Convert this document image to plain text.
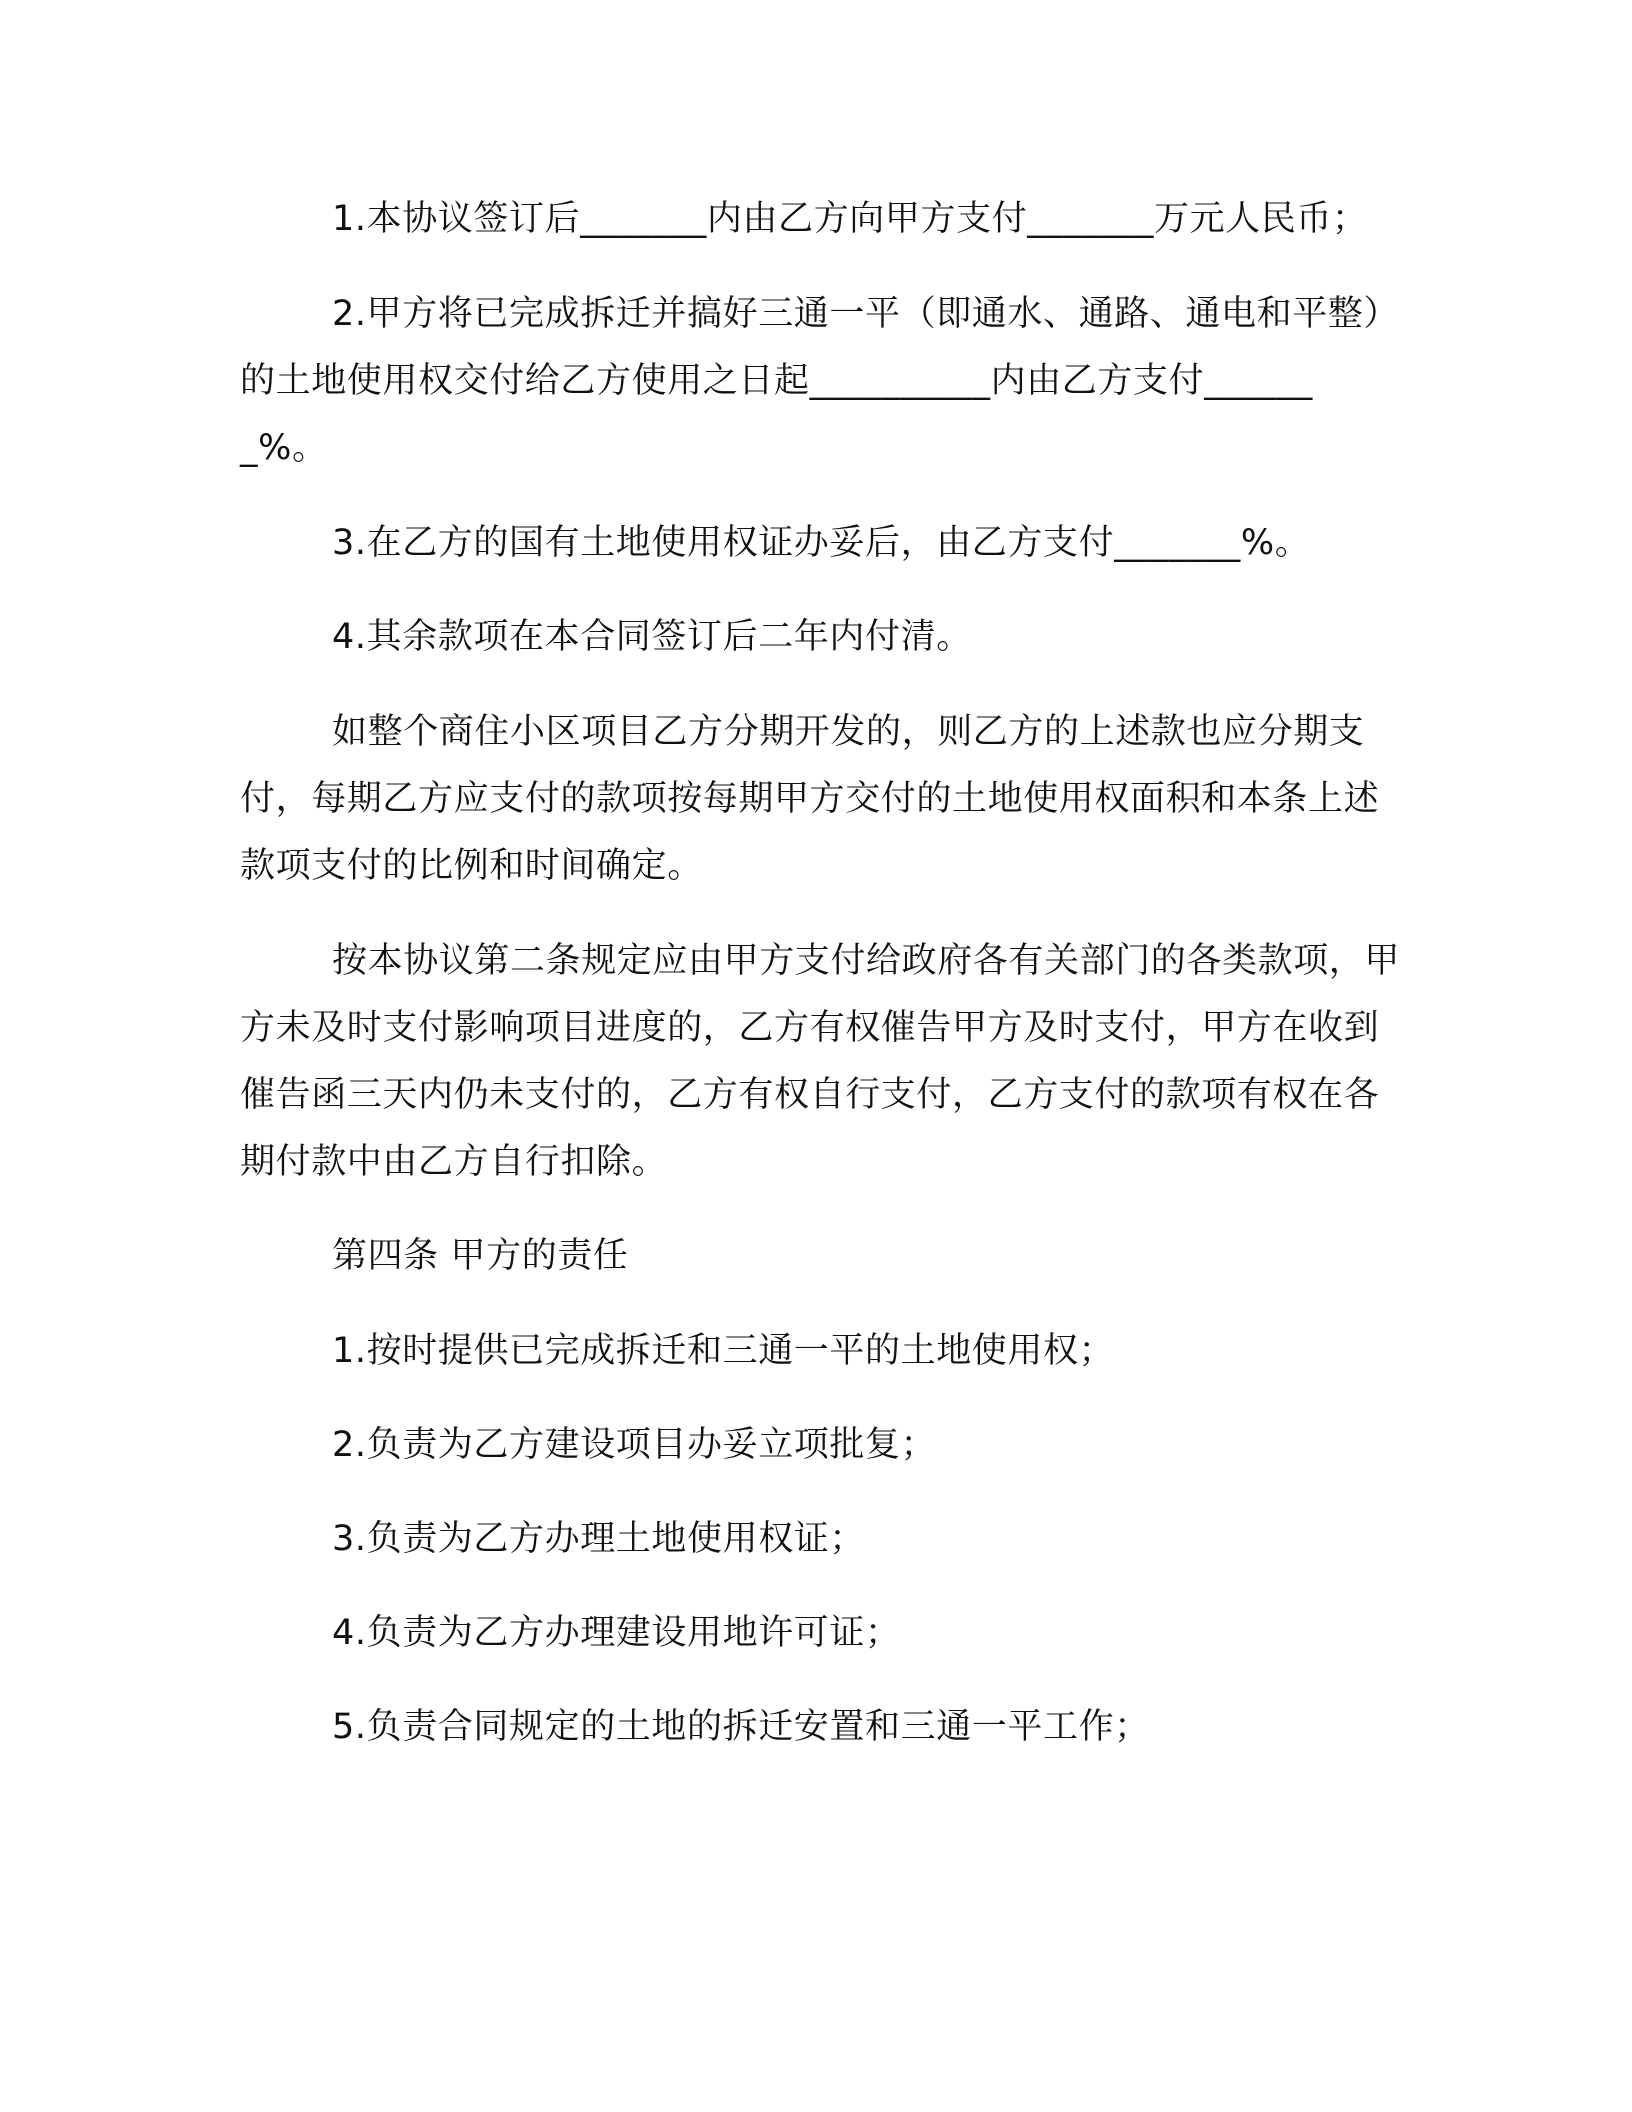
1.本协议签订后_______内由乙方向甲方支付_______万元人民币；

2.甲方将已完成拆迁并搞好三通一平（即通水、通路、通电和平整）的土地使用权交付给乙方使用之日起__________内由乙方支付_______%。

3.在乙方的国有土地使用权证办妥后，由乙方支付_______%。

4.其余款项在本合同签订后二年内付清。

如整个商住小区项目乙方分期开发的，则乙方的上述款也应分期支付，每期乙方应支付的款项按每期甲方交付的土地使用权面积和本条上述款项支付的比例和时间确定。

按本协议第二条规定应由甲方支付给政府各有关部门的各类款项，甲方未及时支付影响项目进度的，乙方有权催告甲方及时支付，甲方在收到催告函三天内仍未支付的，乙方有权自行支付，乙方支付的款项有权在各期付款中由乙方自行扣除。

第四条 甲方的责任

1.按时提供已完成拆迁和三通一平的土地使用权；

2.负责为乙方建设项目办妥立项批复；

3.负责为乙方办理土地使用权证；

4.负责为乙方办理建设用地许可证；

5.负责合同规定的土地的拆迁安置和三通一平工作；
